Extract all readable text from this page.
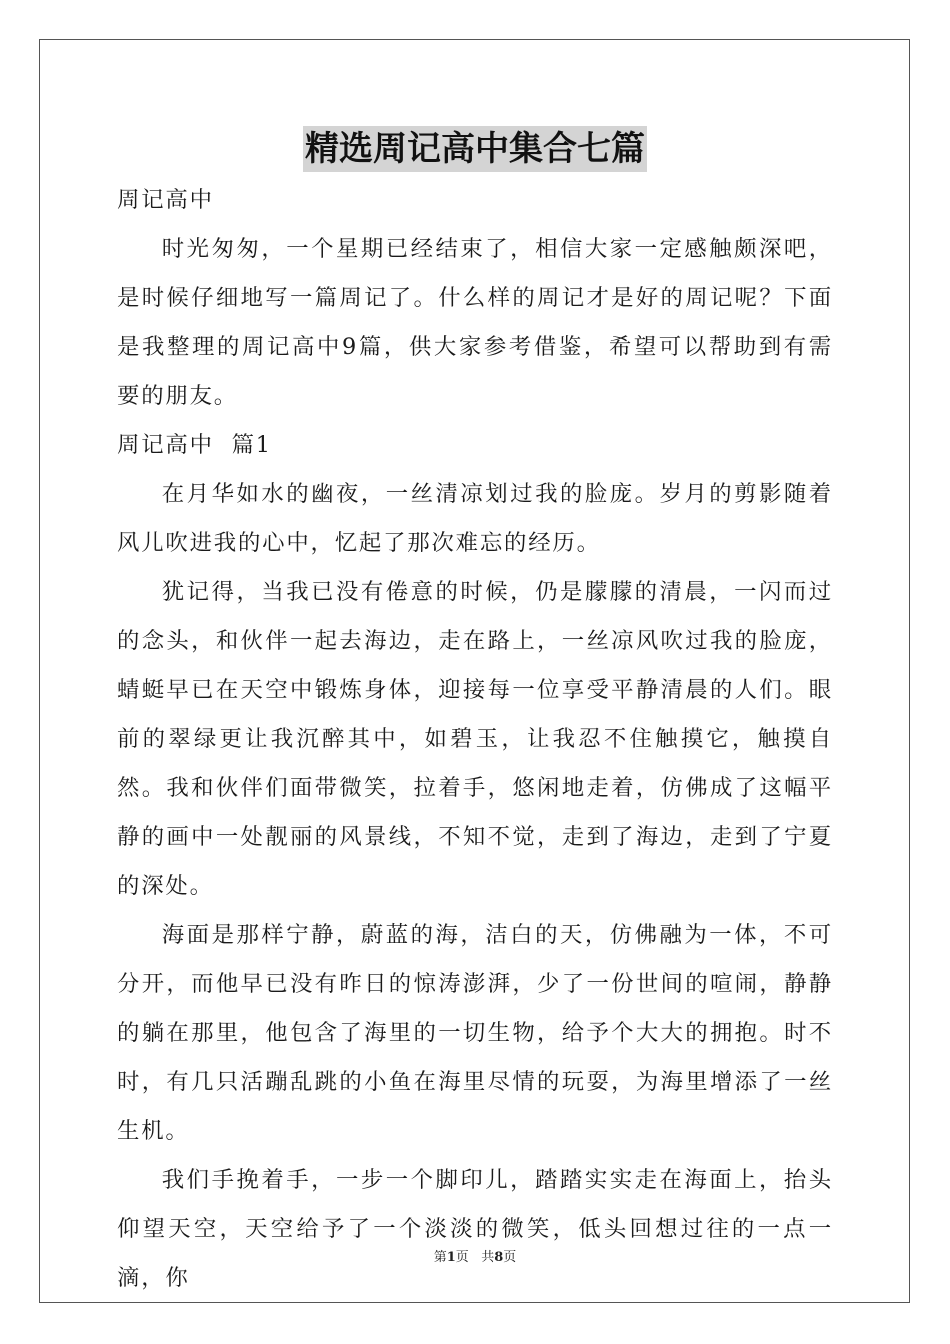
精选周记高中集合七篇

周记高中

时光匆匆，一个星期已经结束了，相信大家一定感触颇深吧，是时候仔细地写一篇周记了。什么样的周记才是好的周记呢？下面是我整理的周记高中9篇，供大家参考借鉴，希望可以帮助到有需要的朋友。

周记高中  篇1

在月华如水的幽夜，一丝清凉划过我的脸庞。岁月的剪影随着风儿吹进我的心中，忆起了那次难忘的经历。

犹记得，当我已没有倦意的时候，仍是朦朦的清晨，一闪而过的念头，和伙伴一起去海边，走在路上，一丝凉风吹过我的脸庞，蜻蜓早已在天空中锻炼身体，迎接每一位享受平静清晨的人们。眼前的翠绿更让我沉醉其中，如碧玉，让我忍不住触摸它，触摸自然。我和伙伴们面带微笑，拉着手，悠闲地走着，仿佛成了这幅平静的画中一处靓丽的风景线，不知不觉，走到了海边，走到了宁夏的深处。

海面是那样宁静，蔚蓝的海，洁白的天，仿佛融为一体，不可分开，而他早已没有昨日的惊涛澎湃，少了一份世间的喧闹，静静的躺在那里，他包含了海里的一切生物，给予个大大的拥抱。时不时，有几只活蹦乱跳的小鱼在海里尽情的玩耍，为海里增添了一丝生机。

我们手挽着手，一步一个脚印儿，踏踏实实走在海面上，抬头仰望天空，天空给予了一个淡淡的微笑，低头回想过往的一点一滴，你

第1页 共8页
